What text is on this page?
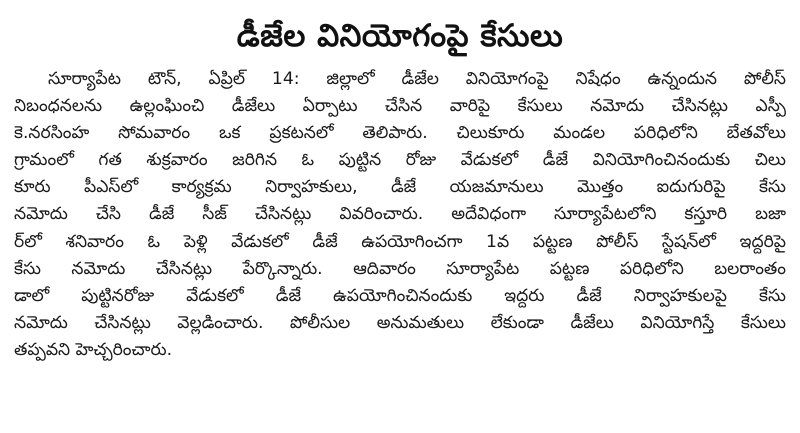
డీజేల వినియోగంపై కేసులు
సూర్యాపేట టౌన్, ఏప్రిల్ 14: జిల్లాలో డీజేల వినియోగంపై నిషేధం ఉన్నందున పోలీస్
నిబంధనలను ఉల్లంఘించి డీజేలు ఏర్పాటు చేసిన వారిపై కేసులు నమోదు చేసినట్లు ఎస్పీ
కె.నరసింహ సోమవారం ఒక ప్రకటనలో తెలిపారు. చిలుకూరు మండల పరిధిలోని బేతవోలు
గ్రామంలో గత శుక్రవారం జరిగిన ఓ పుట్టిన రోజు వేడుకలో డీజే వినియోగించినందుకు చిలు
కూరు పీఎస్‌లో కార్యక్రమ నిర్వాహకులు, డీజే యజమానులు మొత్తం ఐదుగురిపై కేసు
నమోదు చేసి డీజే సీజ్ చేసినట్లు వివరించారు. అదేవిధంగా సూర్యాపేటలోని కస్తూరి బజా
ర్‌లో శనివారం ఓ పెళ్లి వేడుకలో డీజే ఉపయోగించగా 1వ పట్టణ పోలీస్ స్టేషన్‌లో ఇద్దరిపై
కేసు నమోదు చేసినట్లు పేర్కొన్నారు. ఆదివారం సూర్యాపేట పట్టణ పరిధిలోని బలరాంతం
డాలో పుట్టినరోజు వేడుకలో డీజే ఉపయోగించినందుకు ఇద్దరు డీజే నిర్వాహకులపై కేసు
నమోదు చేసినట్లు వెల్లడించారు. పోలీసుల అనుమతులు లేకుండా డీజేలు వినియోగిస్తే కేసులు
తప్పవని హెచ్చరించారు.
